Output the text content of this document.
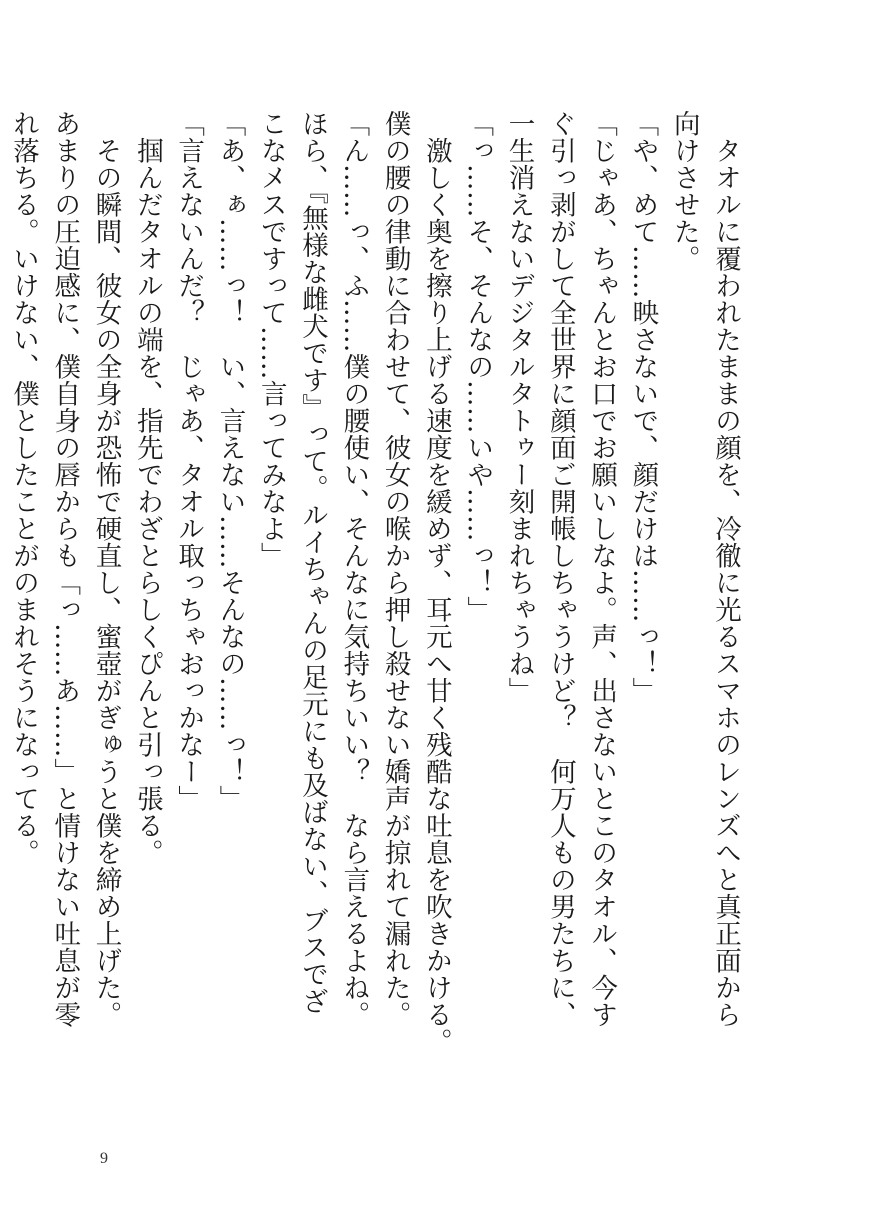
　タオルに覆われたままの顔を、冷徹に光るスマホのレンズへと真正面から
向けさせた。

「や、めて……映さないで、顔だけは……っ！」

「じゃあ、ちゃんとお口でお願いしなよ。声、出さないとこのタオル、今す
ぐ引っ剥がして全世界に顔面ご開帳しちゃうけど？　何万人もの男たちに、
一生消えないデジタルタトゥー刻まれちゃうね」

「っ……そ、そんなの……いや……っ！」

　激しく奥を擦り上げる速度を緩めず、耳元へ甘く残酷な吐息を吹きかける。
僕の腰の律動に合わせて、彼女の喉から押し殺せない嬌声が掠れて漏れた。

「ん……っ、ふ……僕の腰使い、そんなに気持ちいい？　なら言えるよね。
ほら、『無様な雌犬です』って。ルイちゃんの足元にも及ばない、ブスでざ
こなメスですって……言ってみなよ」

「あ、ぁ……っ！　い、言えない……そんなの……っ！」

「言えないんだ？　じゃあ、タオル取っちゃおっかなー」

　掴んだタオルの端を、指先でわざとらしくぴんと引っ張る。

　その瞬間、彼女の全身が恐怖で硬直し、蜜壺がぎゅうと僕を締め上げた。
あまりの圧迫感に、僕自身の唇からも「っ……あ……」と情けない吐息が零
れ落ちる。いけない、僕としたことがのまれそうになってる。

9
